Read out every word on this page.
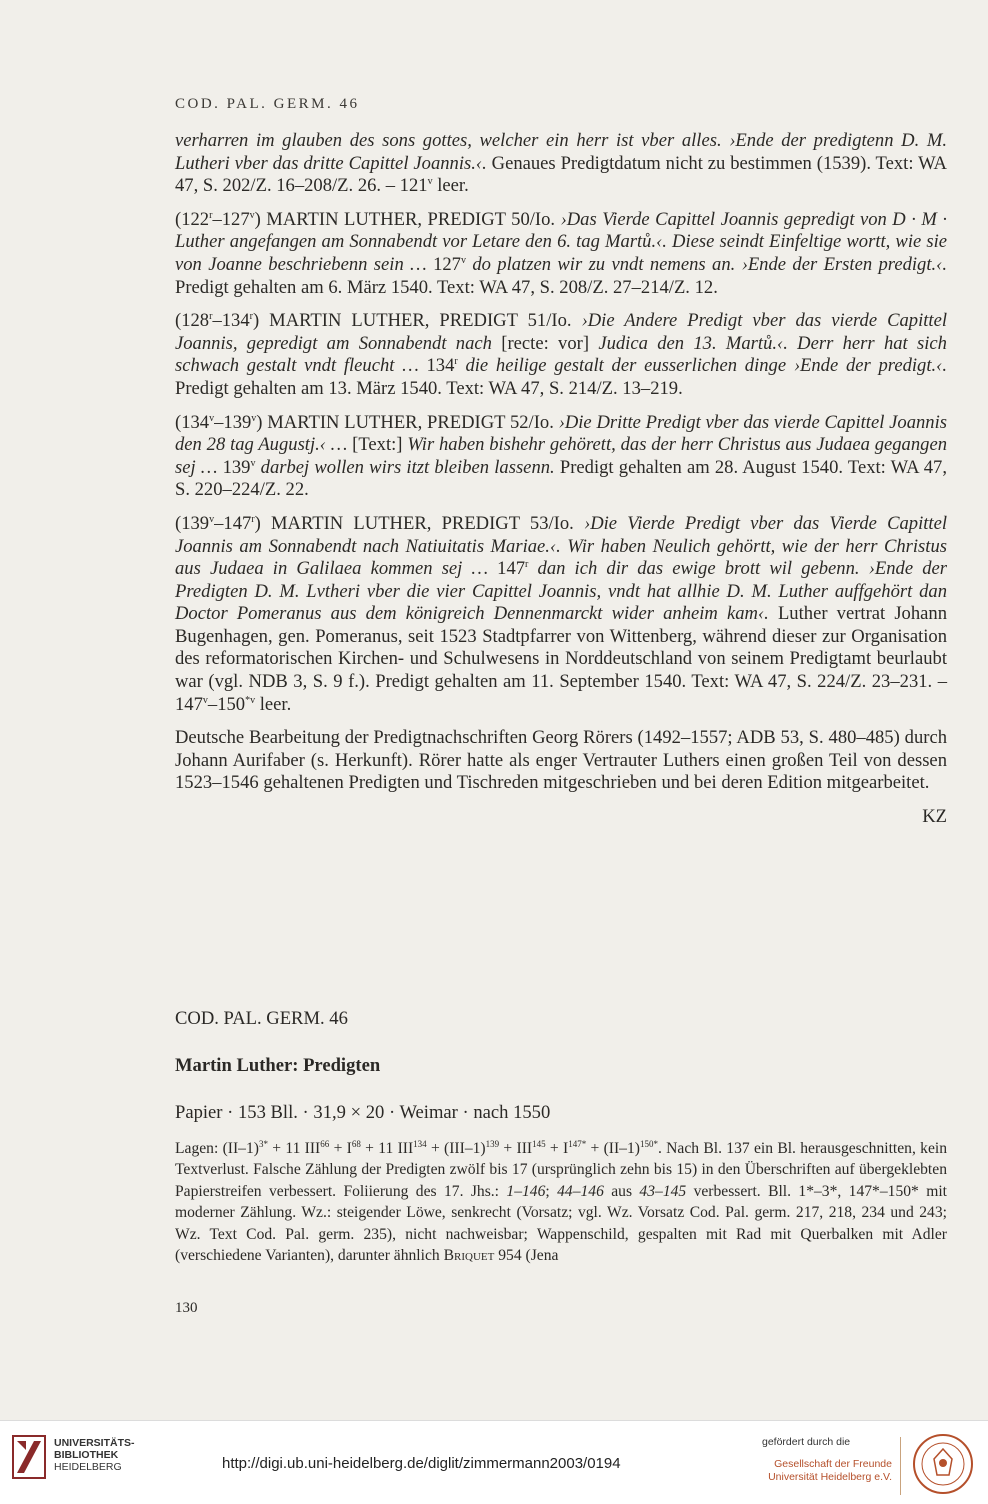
COD. PAL. GERM. 46

verharren im glauben des sons gottes, welcher ein herr ist vber alles. ›Ende der predigtenn D. M. Lutheri vber das dritte Capittel Joannis.‹. Genaues Predigtdatum nicht zu bestimmen (1539). Text: WA 47, S. 202/Z. 16–208/Z. 26. – 121$^v$ leer.

(122$^r$–127$^v$) MARTIN LUTHER, PREDIGT 50/Io. ›Das Vierde Capittel Joannis gepredigt von D · M · Luther angefangen am Sonnabendt vor Letare den 6. tag Martů.‹. Diese seindt Einfeltige wortt, wie sie von Joanne beschriebenn sein … 127$^v$ do platzen wir zu vndt nemens an. ›Ende der Ersten predigt.‹. Predigt gehalten am 6. März 1540. Text: WA 47, S. 208/Z. 27–214/Z. 12.

(128$^r$–134$^r$) MARTIN LUTHER, PREDIGT 51/Io. ›Die Andere Predigt vber das vierde Capittel Joannis, gepredigt am Sonnabendt nach [recte: vor] Judica den 13. Martů.‹. Derr herr hat sich schwach gestalt vndt fleucht … 134$^r$ die heilige gestalt der eusserlichen dinge ›Ende der predigt.‹. Predigt gehalten am 13. März 1540. Text: WA 47, S. 214/Z. 13–219.

(134$^v$–139$^v$) MARTIN LUTHER, PREDIGT 52/Io. ›Die Dritte Predigt vber das vierde Capittel Joannis den 28 tag Augustj.‹ … [Text:] Wir haben bishehr gehörett, das der herr Christus aus Judaea gegangen sej … 139$^v$ darbej wollen wirs itzt bleiben lassenn. Predigt gehalten am 28. August 1540. Text: WA 47, S. 220–224/Z. 22.

(139$^v$–147$^r$) MARTIN LUTHER, PREDIGT 53/Io. ›Die Vierde Predigt vber das Vierde Capittel Joannis am Sonnabendt nach Natiuitatis Mariae.‹. Wir haben Neulich gehörtt, wie der herr Christus aus Judaea in Galilaea kommen sej … 147$^r$ dan ich dir das ewige brott wil gebenn. ›Ende der Predigten D. M. Lvtheri vber die vier Capittel Joannis, vndt hat allhie D. M. Luther auffgehört dan Doctor Pomeranus aus dem königreich Dennenmarckt wider anheim kam‹. Luther vertrat Johann Bugenhagen, gen. Pomeranus, seit 1523 Stadtpfarrer von Wittenberg, während dieser zur Organisation des reformatorischen Kirchen- und Schulwesens in Norddeutschland von seinem Predigtamt beurlaubt war (vgl. NDB 3, S. 9 f.). Predigt gehalten am 11. September 1540. Text: WA 47, S. 224/Z. 23–231. – 147$^v$–150$^{*v}$ leer.

Deutsche Bearbeitung der Predigtnachschriften Georg Rörers (1492–1557; ADB 53, S. 480–485) durch Johann Aurifaber (s. Herkunft). Rörer hatte als enger Vertrauter Luthers einen großen Teil von dessen 1523–1546 gehaltenen Predigten und Tischreden mitgeschrieben und bei deren Edition mitgearbeitet.

KZ

COD. PAL. GERM. 46
Martin Luther: Predigten
Papier · 153 Bll. · 31,9 × 20 · Weimar · nach 1550
Lagen: $(II-1)^{3*} + 11$ $III^{66} + I^{68} + 11$ $III^{134} + (III-1)^{139} + III^{145} + I^{147*} + (II-1)^{150*}$. Nach Bl. 137 ein Bl. herausgeschnitten, kein Textverlust. Falsche Zählung der Predigten zwölf bis 17 (ursprünglich zehn bis 15) in den Überschriften auf übergeklebten Papierstreifen verbessert. Foliierung des 17. Jhs.: 1–146; 44–146 aus 43–145 verbessert. Bll. 1*–3*, 147*–150* mit moderner Zählung. Wz.: steigender Löwe, senkrecht (Vorsatz; vgl. Wz. Vorsatz Cod. Pal. germ. 217, 218, 234 und 243; Wz. Text Cod. Pal. germ. 235), nicht nachweisbar; Wappenschild, gespalten mit Rad mit Querbalken mit Adler (verschiedene Varianten), darunter ähnlich Briquet 954 (Jena
130
UNIVERSITÄTS-
BIBLIOTHEK
HEIDELBERG	http://digi.ub.uni-heidelberg.de/diglit/zimmermann2003/0194
gefördert durch die
Gesellschaft der Freunde
Universität Heidelberg e.V.
